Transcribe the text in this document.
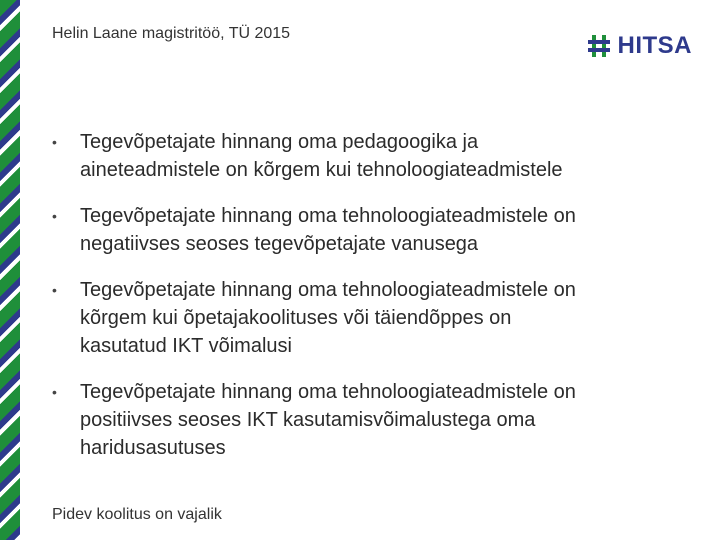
Helin Laane magistritöö, TÜ 2015	HITSA
•	Tegevõpetajate hinnang oma pedagoogika ja
aineteadmistele on kõrgem kui tehnoloogiateadmistele
•	Tegevõpetajate hinnang oma tehnoloogiateadmistele on
negatiivses seoses tegevõpetajate vanusega
•	Tegevõpetajate hinnang oma tehnoloogiateadmistele on
kõrgem kui õpetajakoolituses või täiendõppes on
kasutatud IKT võimalusi
•	Tegevõpetajate hinnang oma tehnoloogiateadmistele on
positiivses seoses IKT kasutamisvõimalustega oma
haridusasutuses
Pidev koolitus on vajalik
